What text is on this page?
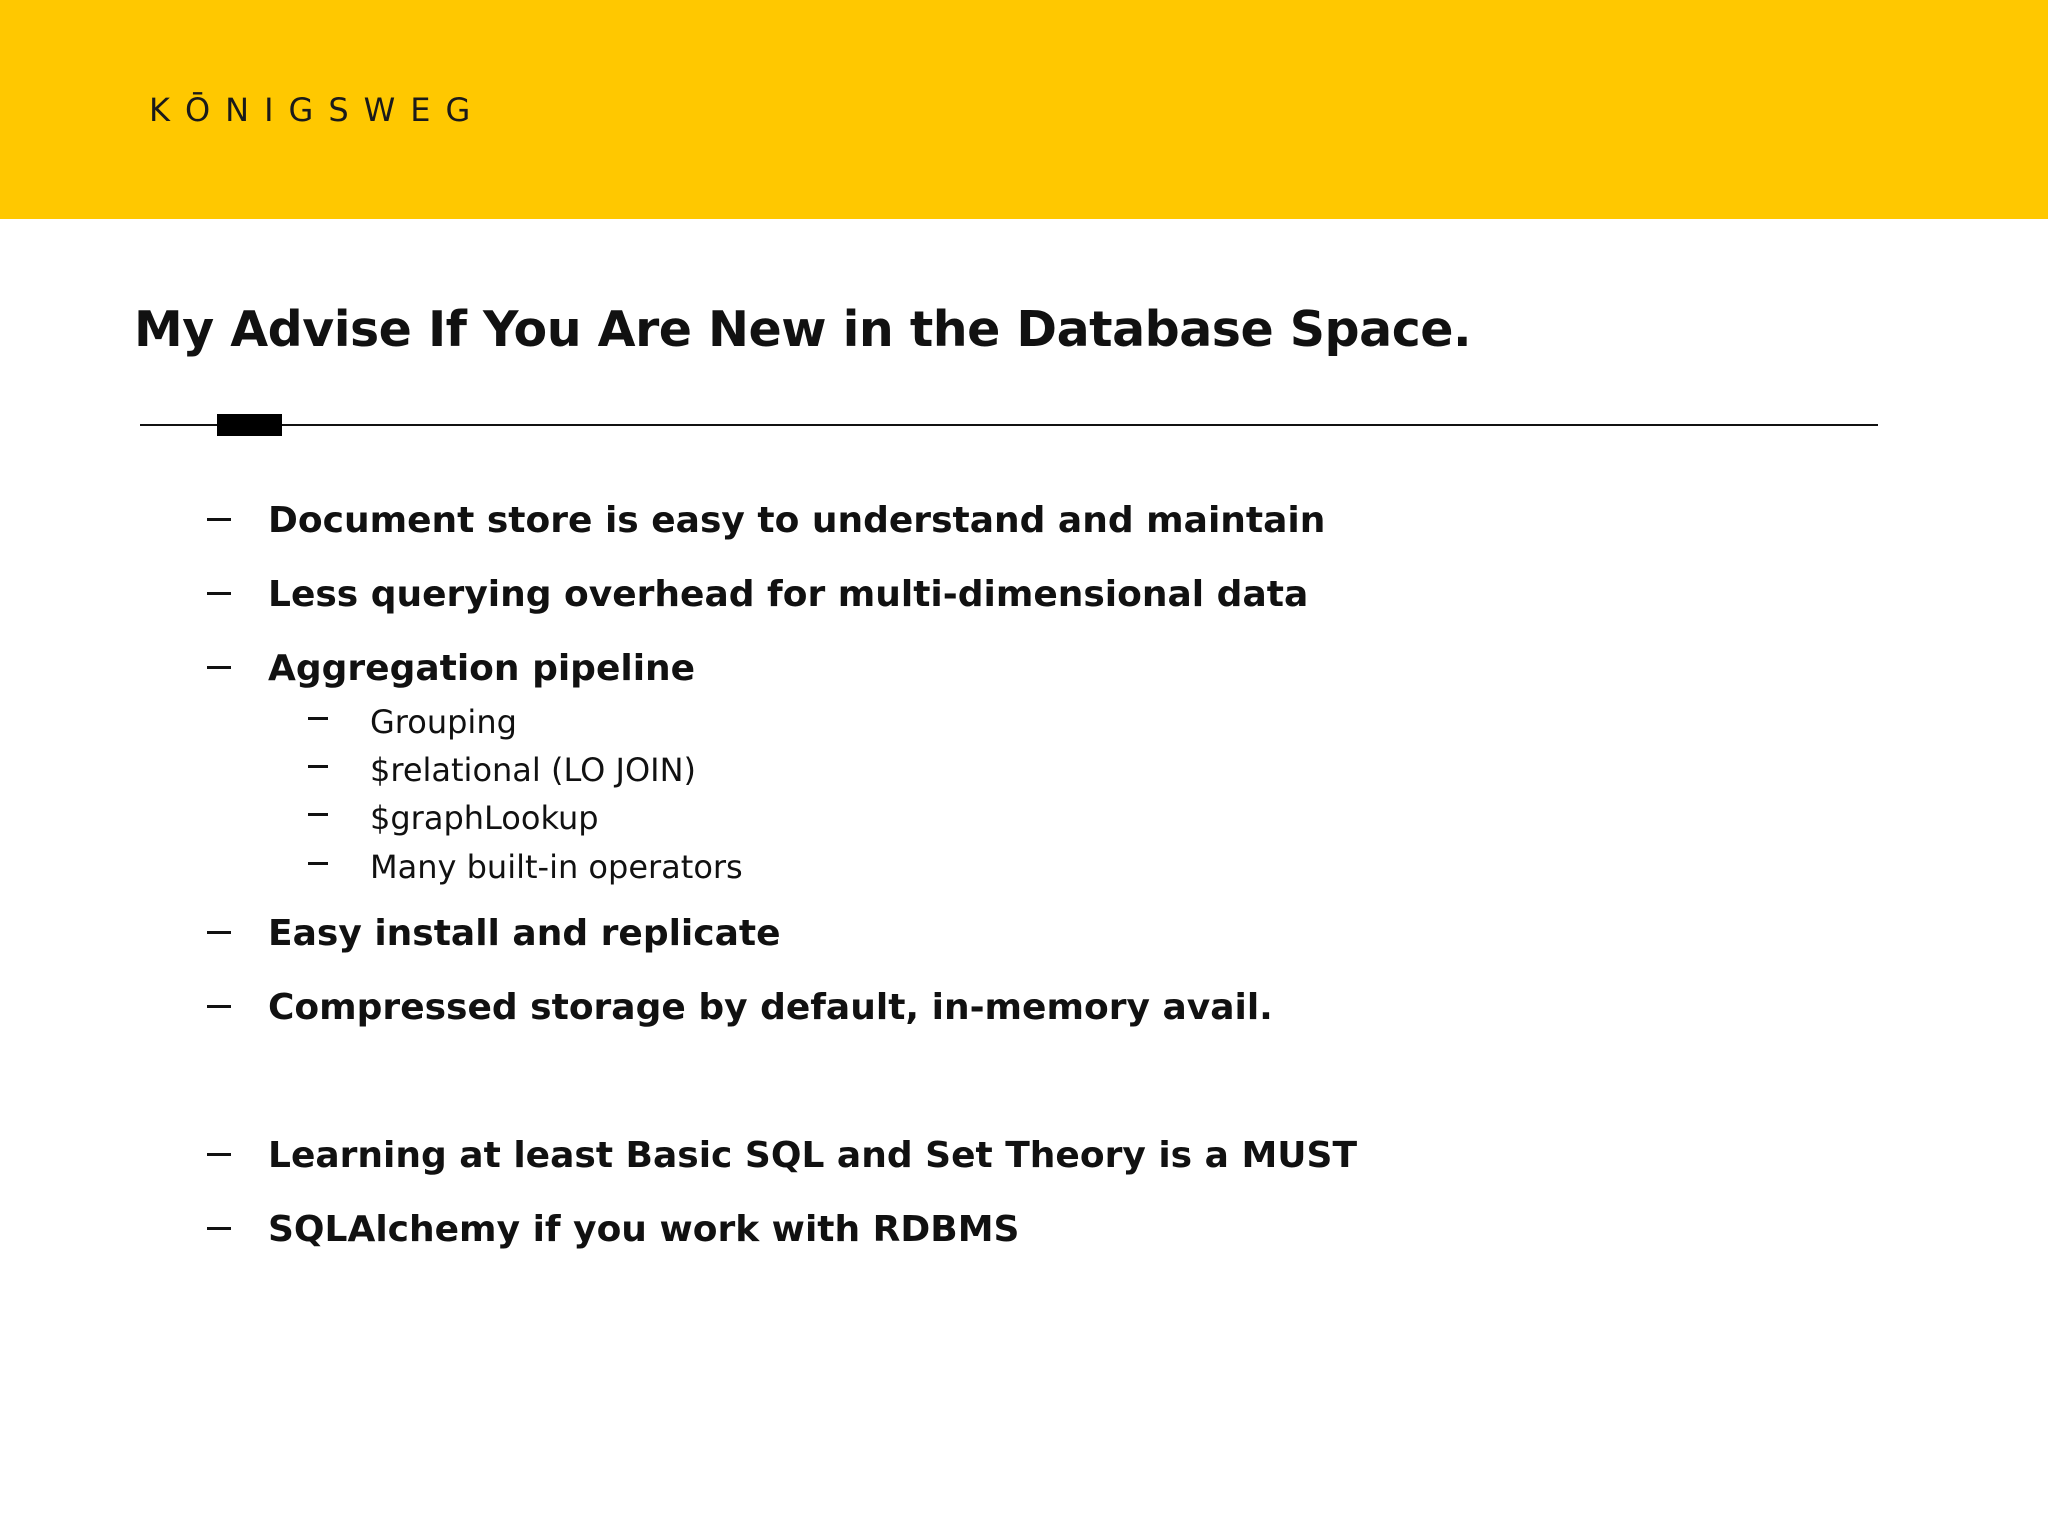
KŌNIGSWEG
My Advise If You Are New in the Database Space.
Document store is easy to understand and maintain
Less querying overhead for multi-dimensional data
Aggregation pipeline
Grouping
$relational (LO JOIN)
$graphLookup
Many built-in operators
Easy install and replicate
Compressed storage by default, in-memory avail.
Learning at least Basic SQL and Set Theory is a MUST
SQLAlchemy if you work with RDBMS
